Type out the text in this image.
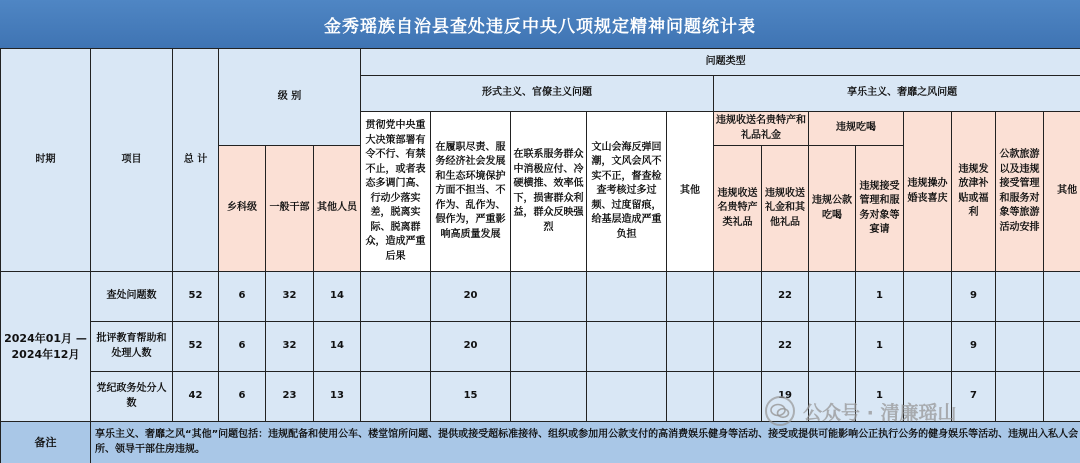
金秀瑶族自治县查处违反中央八项规定精神问题统计表
时期	项目	总 计	级 别			问题类型												
						形式主义、官僚主义问题					享乐主义、奢靡之风问题							
						贯彻党中央重大决策部署有令不行、有禁不止，或者表态多调门高、行动少落实差，脱离实际、脱离群众，造成严重后果	在履职尽责、服务经济社会发展和生态环境保护方面不担当、不作为、乱作为、假作为，严重影响高质量发展	在联系服务群众中消极应付、冷硬横推、效率低下，损害群众利益，群众反映强烈	文山会海反弹回潮，文风会风不实不正，督查检查考核过多过频、过度留痕，给基层造成严重负担	其他	违规收送名贵特产和礼品礼金		违规吃喝		违规操办婚丧喜庆	违规发放津补贴或福利	公款旅游以及违规接受管理和服务对象等旅游活动安排	其他
			乡科级	一般干部	其他人员						违规收送名贵特产类礼品	违规收送礼金和其他礼品	违规公款吃喝	违规接受管理和服务对象等宴请				
2024年01月 — 2024年12月	查处问题数	52	6	32	14		20					22		1		9		
	批评教育帮助和处理人数	52	6	32	14		20					22		1		9		
	党纪政务处分人数	42	6	23	13		15					19		1		7		
备注	享乐主义、奢靡之风“其他”问题包括：违规配备和使用公车、楼堂馆所问题、提供或接受超标准接待、组织或参加用公款支付的高消费娱乐健身等活动、接受或提供可能影响公正执行公务的健身娱乐等活动、违规出入私人会所、领导干部住房违规。																	
公众号 · 清廉瑶山
